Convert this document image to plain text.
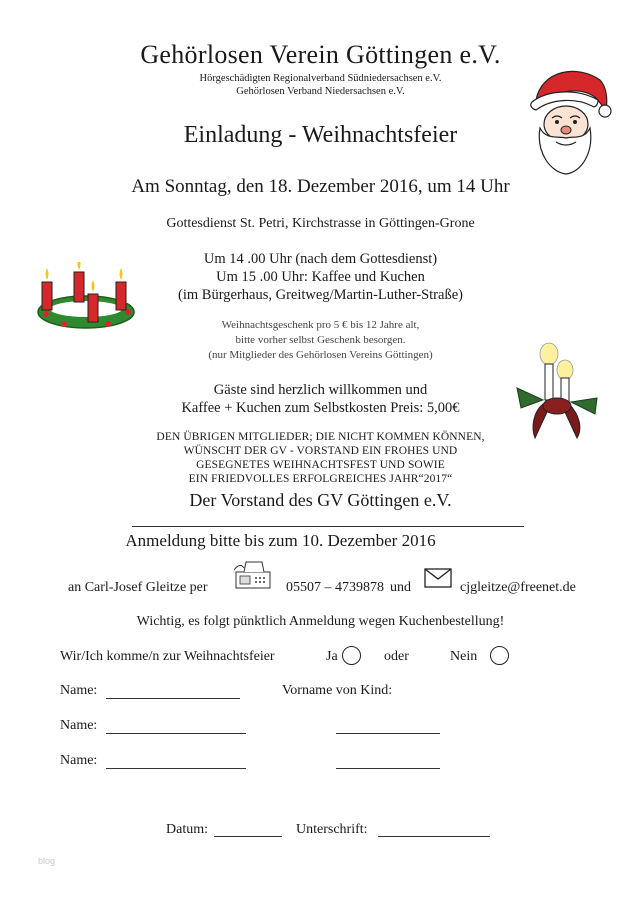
Gehörlosen Verein Göttingen e.V.
Hörgeschädigten Regionalverband Südniedersachsen e.V.
Gehörlosen Verband Niedersachsen e.V.
Einladung - Weihnachtsfeier
Am Sonntag, den 18. Dezember 2016, um 14 Uhr
Gottesdienst St. Petri, Kirchstrasse in Göttingen-Grone
Um 14 .00 Uhr (nach dem Gottesdienst)
Um 15 .00 Uhr: Kaffee und Kuchen
(im Bürgerhaus, Greitweg/Martin-Luther-Straße)
Weihnachtsgeschenk pro 5 € bis 12 Jahre alt,
bitte vorher selbst Geschenk besorgen.
(nur Mitglieder des Gehörlosen Vereins Göttingen)
Gäste sind herzlich willkommen und
Kaffee + Kuchen zum Selbstkosten Preis: 5,00€
DEN ÜBRIGEN MITGLIEDER; DIE NICHT KOMMEN KÖNNEN,
WÜNSCHT DER GV - VORSTAND EIN FROHES UND
GESEGNETES WEIHNACHTSFEST UND SOWIE
EIN FRIEDVOLLES ERFOLGREICHES JAHR“2017“
Der Vorstand des GV Göttingen e.V.
Anmeldung bitte bis zum 10. Dezember 2016
an Carl-Josef Gleitze per	05507 – 4739878 und	cjgleitze@freenet.de
Wichtig, es folgt pünktlich Anmeldung wegen Kuchenbestellung!
Wir/Ich komme/n zur Weihnachtsfeier	Ja	oder	Nein
Name:	Vorname von Kind:
Name:
Name:
Datum:	Unterschrift:
blog
